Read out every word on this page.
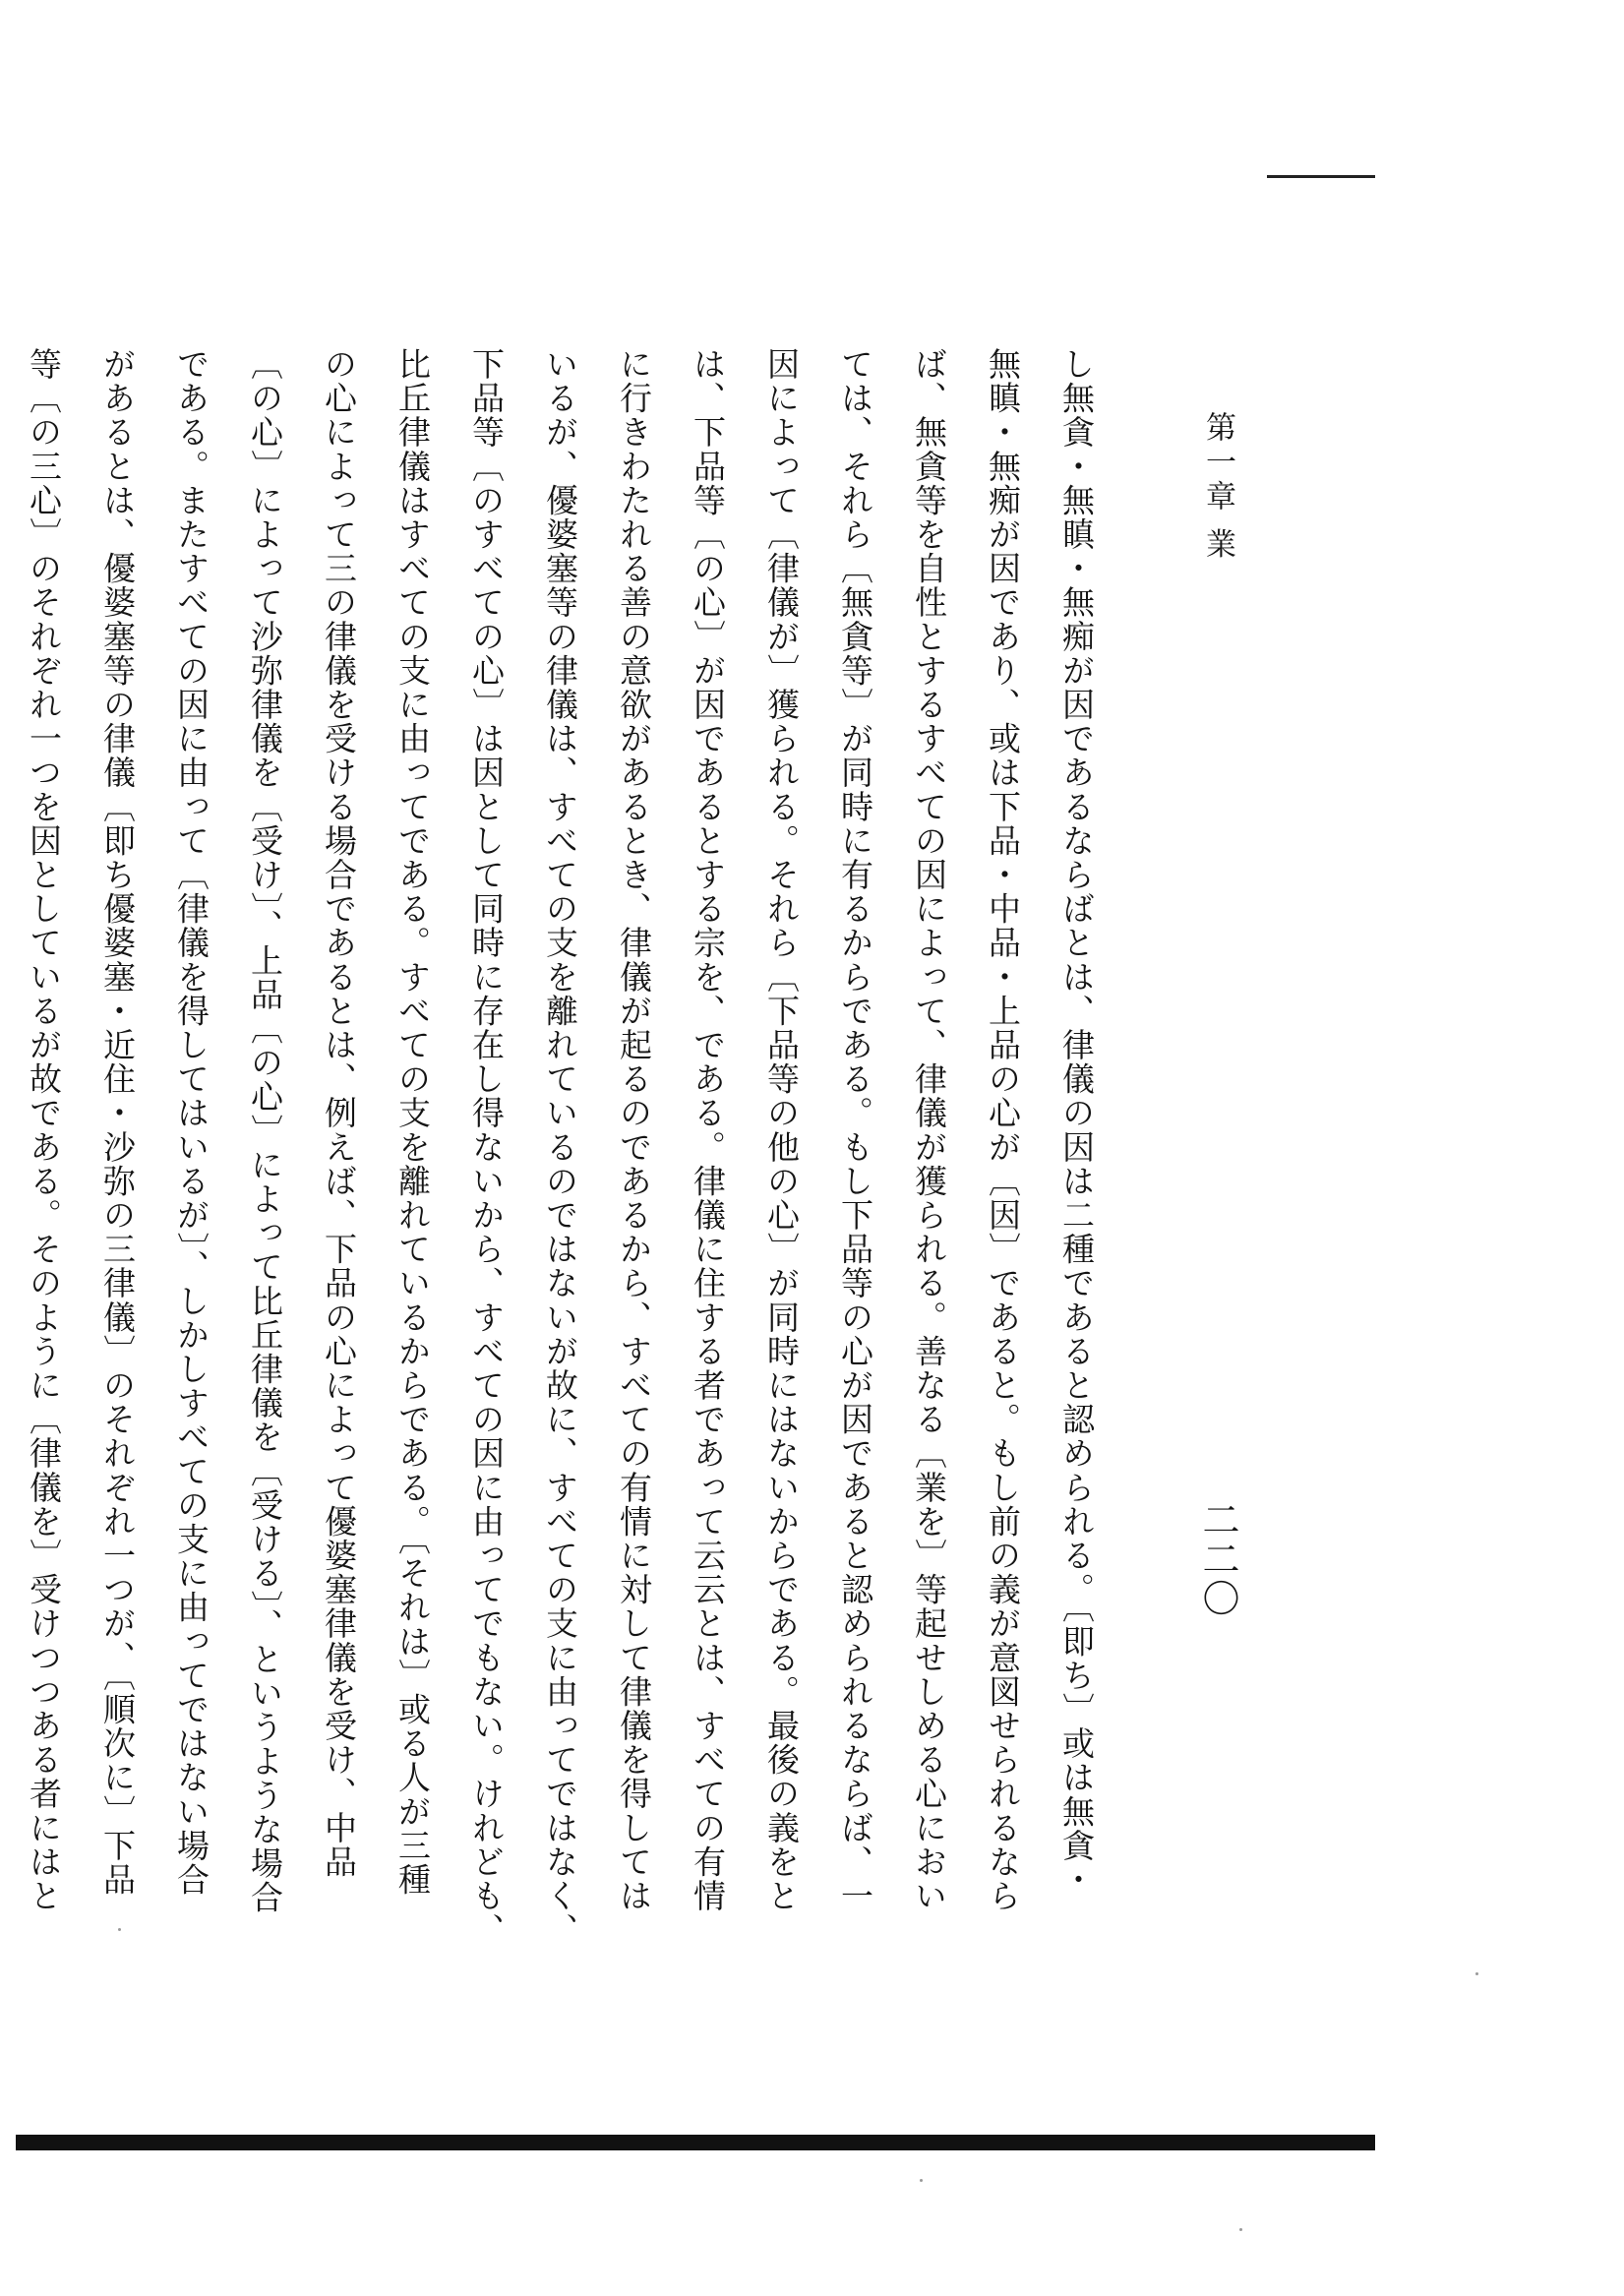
第一章 業
二二〇
し無貪・無瞋・無痴が因であるならばとは、律儀の因は二種であると認められる。〔即ち〕或は無貪・
無瞋・無痴が因であり、或は下品・中品・上品の心が〔因〕であると。もし前の義が意図せられるなら
ば、無貪等を自性とするすべての因によって、律儀が獲られる。善なる〔業を〕等起せしめる心におい
ては、それら〔無貪等〕が同時に有るからである。もし下品等の心が因であると認められるならば、一
因によって〔律儀が〕獲られる。それら〔下品等の他の心〕が同時にはないからである。最後の義をと
は、下品等〔の心〕が因であるとする宗を、である。律儀に住する者であって云云とは、すべての有情
に行きわたれる善の意欲があるとき、律儀が起るのであるから、すべての有情に対して律儀を得しては
いるが、優婆塞等の律儀は、すべての支を離れているのではないが故に、すべての支に由ってではなく、
下品等〔のすべての心〕は因として同時に存在し得ないから、すべての因に由ってでもない。けれども、
比丘律儀はすべての支に由ってである。すべての支を離れているからである。〔それは〕或る人が三種
の心によって三の律儀を受ける場合であるとは、例えば、下品の心によって優婆塞律儀を受け、中品
〔の心〕によって沙弥律儀を〔受け〕、上品〔の心〕によって比丘律儀を〔受ける〕、というような場合
である。またすべての因に由って〔律儀を得してはいるが〕、しかしすべての支に由ってではない場合
があるとは、優婆塞等の律儀〔即ち優婆塞・近住・沙弥の三律儀〕のそれぞれ一つが、〔順次に〕下品
等〔の三心〕のそれぞれ一つを因としているが故である。そのように〔律儀を〕受けつつある者にはと
